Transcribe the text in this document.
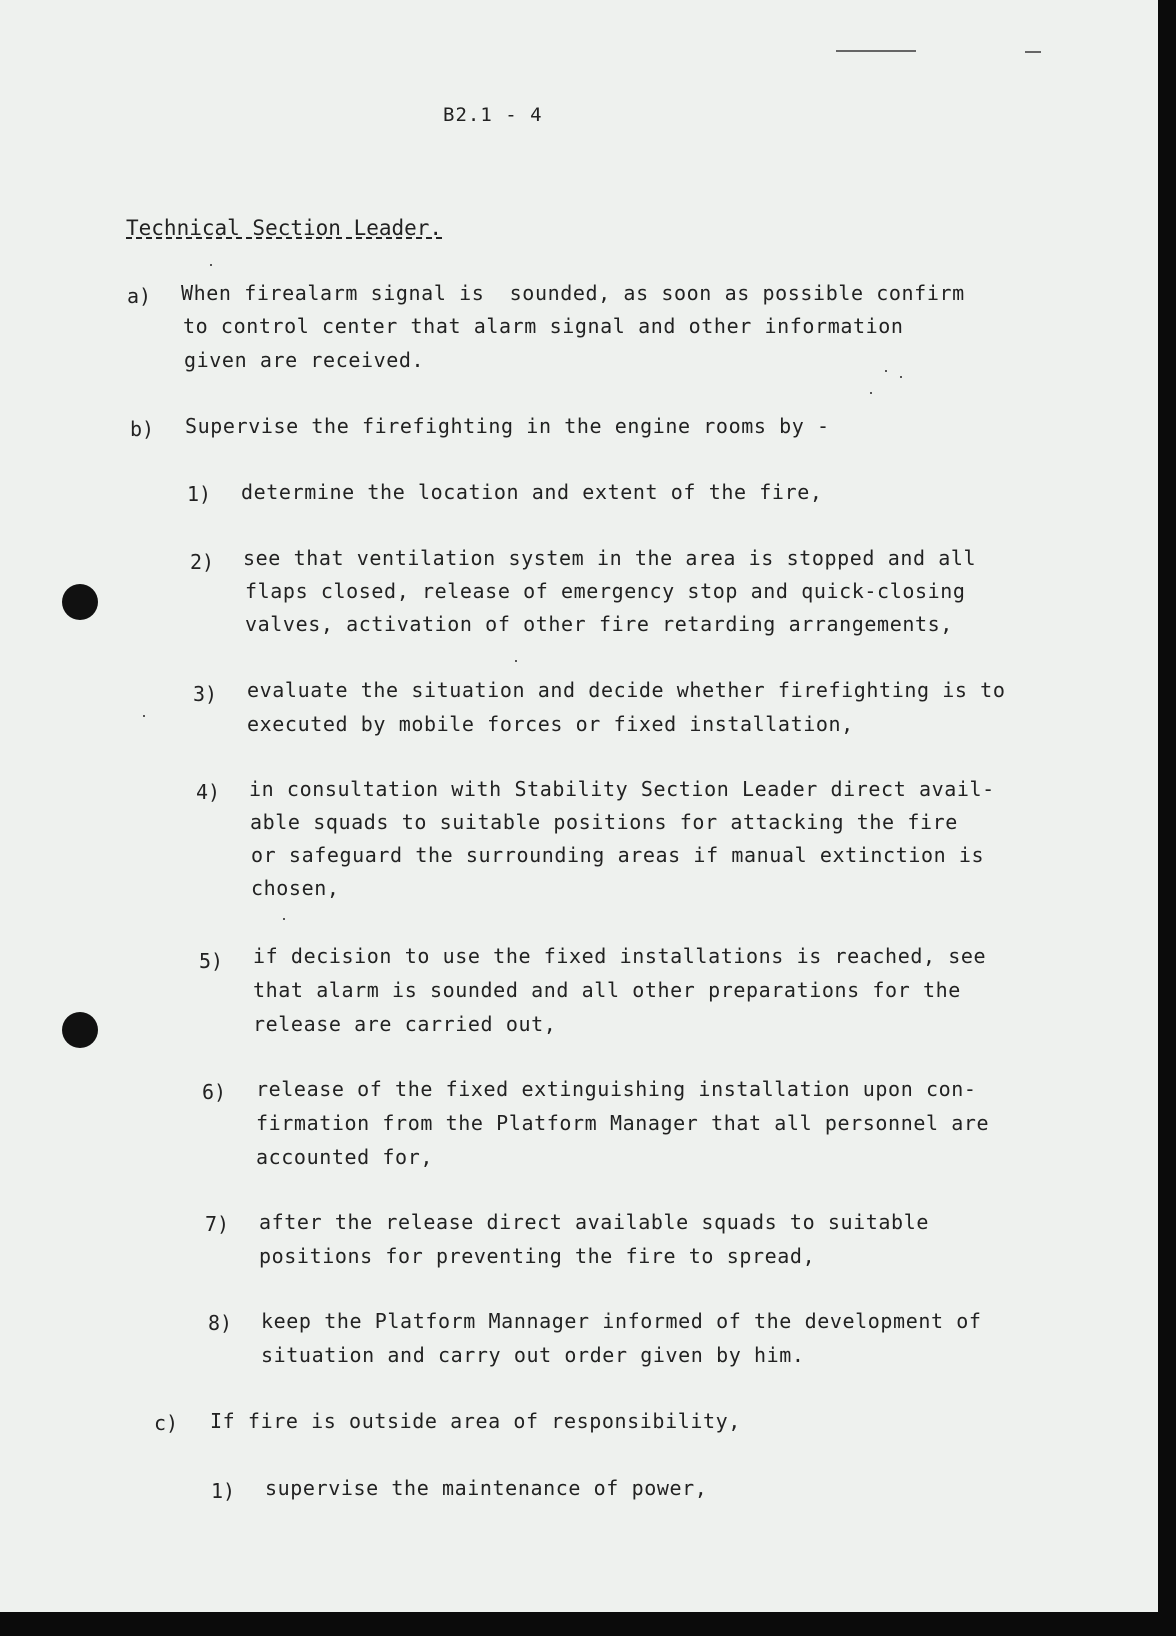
B2.1 - 4
Technical Section Leader.
a) When firealarm signal is  sounded, as soon as possible confirm
to control center that alarm signal and other information
given are received.
b) Supervise the firefighting in the engine rooms by -
1) determine the location and extent of the fire,
2) see that ventilation system in the area is stopped and all
flaps closed, release of emergency stop and quick-closing
valves, activation of other fire retarding arrangements,
3) evaluate the situation and decide whether firefighting is to
executed by mobile forces or fixed installation,
4) in consultation with Stability Section Leader direct avail-
able squads to suitable positions for attacking the fire
or safeguard the surrounding areas if manual extinction is
chosen,
5) if decision to use the fixed installations is reached, see
that alarm is sounded and all other preparations for the
release are carried out,
6) release of the fixed extinguishing installation upon con-
firmation from the Platform Manager that all personnel are
accounted for,
7) after the release direct available squads to suitable
positions for preventing the fire to spread,
8) keep the Platform Mannager informed of the development of
situation and carry out order given by him.
c) If fire is outside area of responsibility,
1) supervise the maintenance of power,
